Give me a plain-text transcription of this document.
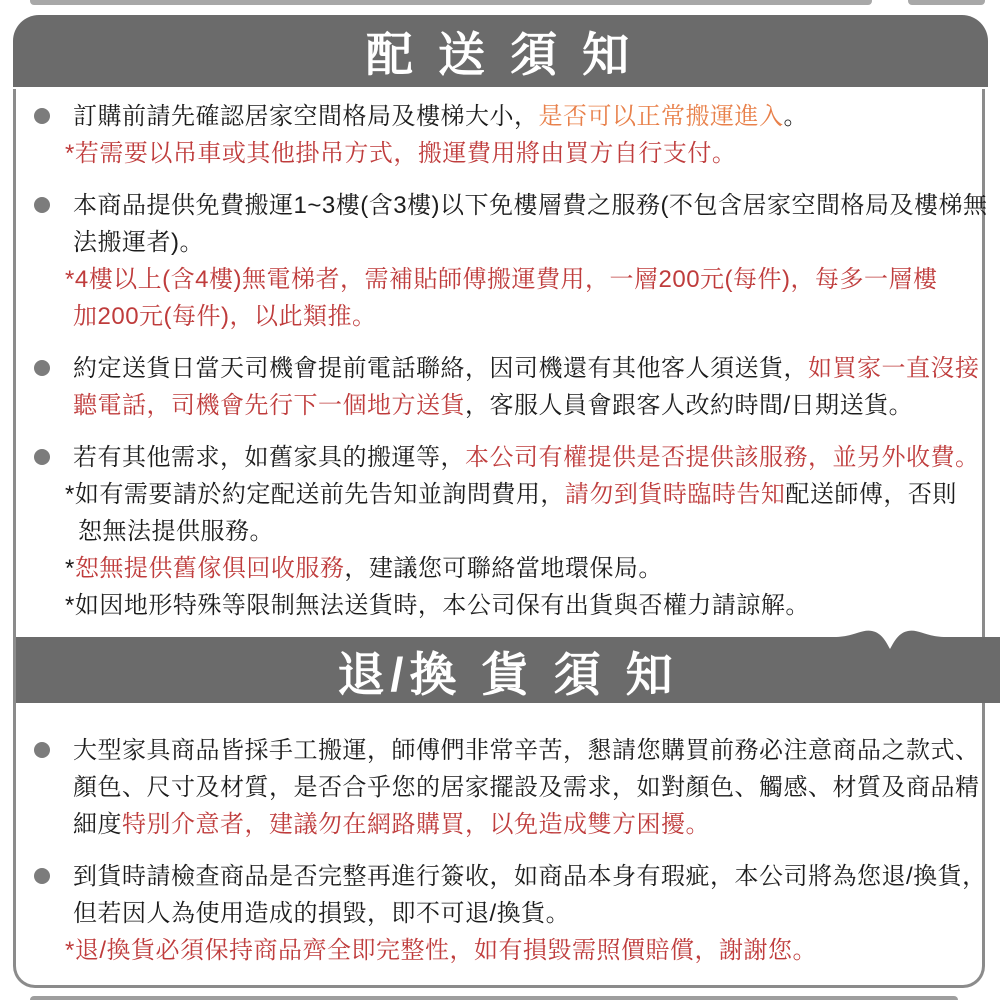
配 送 須 知
訂購前請先確認居家空間格局及樓梯大小，是否可以正常搬運進入。
*若需要以吊車或其他掛吊方式，搬運費用將由買方自行支付。
本商品提供免費搬運1~3樓(含3樓)以下免樓層費之服務(不包含居家空間格局及樓梯無
法搬運者)。
*4樓以上(含4樓)無電梯者，需補貼師傅搬運費用，一層200元(每件)，每多一層樓
加200元(每件)，以此類推。
約定送貨日當天司機會提前電話聯絡，因司機還有其他客人須送貨，如買家一直沒接
聽電話，司機會先行下一個地方送貨，客服人員會跟客人改約時間/日期送貨。
若有其他需求，如舊家具的搬運等，本公司有權提供是否提供該服務，並另外收費。
*如有需要請於約定配送前先告知並詢問費用，請勿到貨時臨時告知配送師傅，否則
恕無法提供服務。
*恕無提供舊傢俱回收服務，建議您可聯絡當地環保局。
*如因地形特殊等限制無法送貨時，本公司保有出貨與否權力請諒解。
退/換 貨 須 知
大型家具商品皆採手工搬運，師傅們非常辛苦，懇請您購買前務必注意商品之款式、
顏色、尺寸及材質，是否合乎您的居家擺設及需求，如對顏色、觸感、材質及商品精
細度特別介意者，建議勿在網路購買，以免造成雙方困擾。
到貨時請檢查商品是否完整再進行簽收，如商品本身有瑕疵，本公司將為您退/換貨，
但若因人為使用造成的損毀，即不可退/換貨。
*退/換貨必須保持商品齊全即完整性，如有損毀需照價賠償，謝謝您。
